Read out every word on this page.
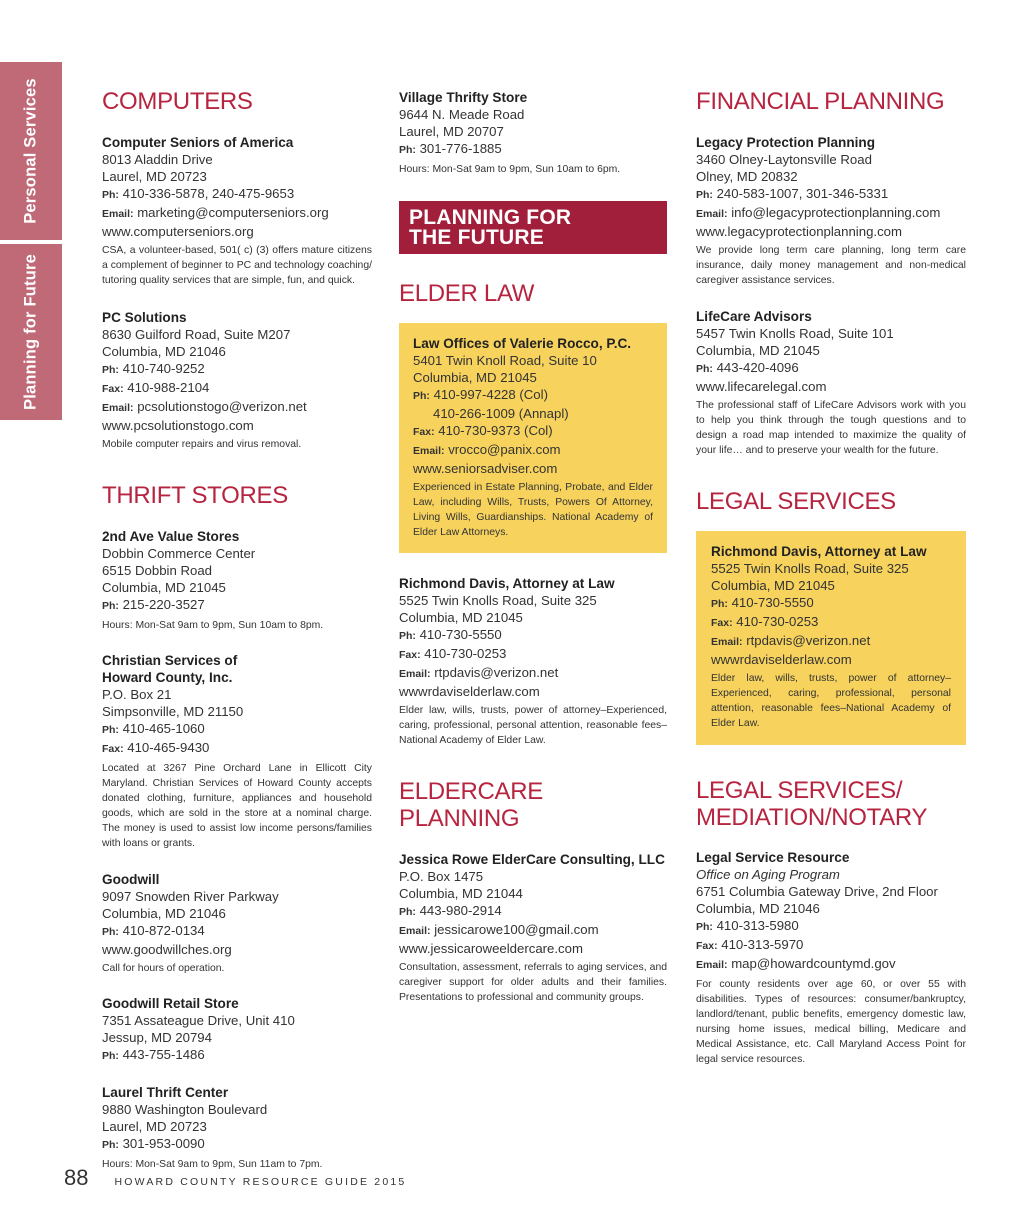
Personal Services
Planning for Future
COMPUTERS
Computer Seniors of America
8013 Aladdin Drive
Laurel, MD 20723
Ph: 410-336-5878, 240-475-9653
Email: marketing@computerseniors.org
www.computerseniors.org
CSA, a volunteer-based, 501( c) (3) offers mature citizens a complement of beginner to PC and technology coaching/ tutoring quality services that are simple, fun, and quick.
PC Solutions
8630 Guilford Road, Suite M207
Columbia, MD 21046
Ph: 410-740-9252
Fax: 410-988-2104
Email: pcsolutionstogo@verizon.net
www.pcsolutionstogo.com
Mobile computer repairs and virus removal.
THRIFT STORES
2nd Ave Value Stores
Dobbin Commerce Center
6515 Dobbin Road
Columbia, MD 21045
Ph: 215-220-3527
Hours: Mon-Sat 9am to 9pm, Sun 10am to 8pm.
Christian Services of
Howard County, Inc.
P.O. Box 21
Simpsonville, MD 21150
Ph: 410-465-1060
Fax: 410-465-9430
Located at 3267 Pine Orchard Lane in Ellicott City Maryland. Christian Services of Howard County accepts donated clothing, furniture, appliances and household goods, which are sold in the store at a nominal charge. The money is used to assist low income persons/families with loans or grants.
Goodwill
9097 Snowden River Parkway
Columbia, MD 21046
Ph: 410-872-0134
www.goodwillches.org
Call for hours of operation.
Goodwill Retail Store
7351 Assateague Drive, Unit 410
Jessup, MD 20794
Ph: 443-755-1486
Laurel Thrift Center
9880 Washington Boulevard
Laurel, MD 20723
Ph: 301-953-0090
Hours: Mon-Sat 9am to 9pm, Sun 11am to 7pm.
Village Thrifty Store
9644 N. Meade Road
Laurel, MD 20707
Ph: 301-776-1885
Hours: Mon-Sat 9am to 9pm, Sun 10am to 6pm.
PLANNING FOR
THE FUTURE
ELDER LAW
Law Offices of Valerie Rocco, P.C.
5401 Twin Knoll Road, Suite 10
Columbia, MD 21045
Ph: 410-997-4228 (Col)
410-266-1009 (Annapl)
Fax: 410-730-9373 (Col)
Email: vrocco@panix.com
www.seniorsadviser.com
Experienced in Estate Planning, Probate, and Elder Law, including Wills, Trusts, Powers Of Attorney, Living Wills, Guardianships. National Academy of Elder Law Attorneys.
Richmond Davis, Attorney at Law
5525 Twin Knolls Road, Suite 325
Columbia, MD 21045
Ph: 410-730-5550
Fax: 410-730-0253
Email: rtpdavis@verizon.net
wwwrdaviselderlaw.com
Elder law, wills, trusts, power of attorney–Experienced, caring, professional, personal attention, reasonable fees–National Academy of Elder Law.
ELDERCARE PLANNING
Jessica Rowe ElderCare Consulting, LLC
P.O. Box 1475
Columbia, MD 21044
Ph: 443-980-2914
Email: jessicarowe100@gmail.com
www.jessicaroweeldercare.com
Consultation, assessment, referrals to aging services, and caregiver support for older adults and their families. Presentations to professional and community groups.
FINANCIAL PLANNING
Legacy Protection Planning
3460 Olney-Laytonsville Road
Olney, MD 20832
Ph: 240-583-1007, 301-346-5331
Email: info@legacyprotectionplanning.com
www.legacyprotectionplanning.com
We provide long term care planning, long term care insurance, daily money management and non-medical caregiver assistance services.
LifeCare Advisors
5457 Twin Knolls Road, Suite 101
Columbia, MD 21045
Ph: 443-420-4096
www.lifecarelegal.com
The professional staff of LifeCare Advisors work with you to help you think through the tough questions and to design a road map intended to maximize the quality of your life… and to preserve your wealth for the future.
LEGAL SERVICES
Richmond Davis, Attorney at Law
5525 Twin Knolls Road, Suite 325
Columbia, MD 21045
Ph: 410-730-5550
Fax: 410-730-0253
Email: rtpdavis@verizon.net
wwwrdaviselderlaw.com
Elder law, wills, trusts, power of attorney–Experienced, caring, professional, personal attention, reasonable fees–National Academy of Elder Law.
LEGAL SERVICES/
MEDIATION/NOTARY
Legal Service Resource
Office on Aging Program
6751 Columbia Gateway Drive, 2nd Floor
Columbia, MD 21046
Ph: 410-313-5980
Fax: 410-313-5970
Email: map@howardcountymd.gov
For county residents over age 60, or over 55 with disabilities. Types of resources: consumer/bankruptcy, landlord/tenant, public benefits, emergency domestic law, nursing home issues, medical billing, Medicare and Medical Assistance, etc. Call Maryland Access Point for legal service resources.
88 HOWARD COUNTY RESOURCE GUIDE 2015
